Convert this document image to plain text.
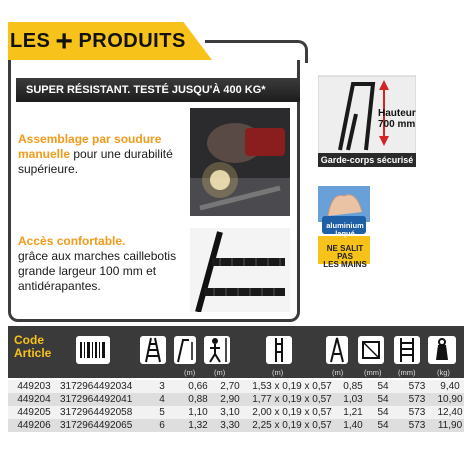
LES + PRODUITS
SUPER RÉSISTANT. TESTÉ JUSQU'À 400 KG*
Assemblage par soudure manuelle pour une durabilité supérieure.
Accès confortable.
grâce aux marches caillebotis grande largeur 100 mm et antidérapantes.
Hauteur
700 mm
Garde-corps sécurisé
aluminium
laqué
NE SALIT PAS
LES MAINS
Code
Article
(m)	(m)	(m)	(m)	(mm) (mm)	(kg)
449203	3172964492034	3	0,66	2,70	1,53 x 0,19 x 0,57	0,85	54	573	9,40
449204	3172964492041	4	0,88	2,90	1,77 x 0,19 x 0,57	1,03	54	573	10,90
449205	3172964492058	5	1,10	3,10	2,00 x 0,19 x 0,57	1,21	54	573	12,40
449206	3172964492065	6	1,32	3,30	2,25 x 0,19 x 0,57	1,40	54	573	11,90
